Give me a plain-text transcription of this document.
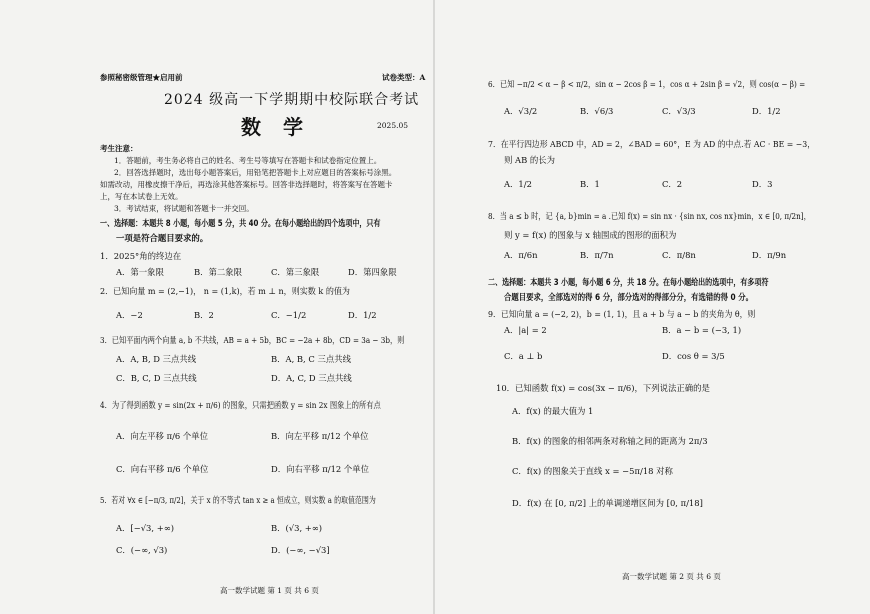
参照秘密级管理★启用前	试卷类型：A
2024 级高一下学期期中校际联合考试
数学	2025.05
考生注意：
1．答题前，考生务必将自己的姓名、考生号等填写在答题卡和试卷指定位置上。
2．回答选择题时，选出每小题答案后，用铅笔把答题卡上对应题目的答案标号涂黑。
如需改动，用橡皮擦干净后，再选涂其他答案标号。回答非选择题时，将答案写在答题卡
上，写在本试卷上无效。
3．考试结束，将试题和答题卡一并交回。
一、选择题：本题共 8 小题，每小题 5 分，共 40 分。在每小题给出的四个选项中，只有
一项是符合题目要求的。
1．2025°角的终边在
A．第一象限	B．第二象限	C．第三象限	D．第四象限
2．已知向量 m = (2,−1)， n = (1,k)，若 m ⊥ n，则实数 k 的值为
A．−2	B．2	C．−1/2	D．1/2
3．已知平面内两个向量 a, b 不共线，AB = a + 5b，BC = −2a + 8b，CD = 3a − 3b，则
A．A, B, D 三点共线	B．A, B, C 三点共线
C．B, C, D 三点共线	D．A, C, D 三点共线
4．为了得到函数 y = sin(2x + π/6) 的图象，只需把函数 y = sin 2x 图象上的所有点
A．向左平移 π/6 个单位	B．向左平移 π/12 个单位
C．向右平移 π/6 个单位	D．向右平移 π/12 个单位
5．若对 ∀x ∈ [−π/3, π/2]，关于 x 的不等式 tan x ≥ a 恒成立，则实数 a 的取值范围为
A．[−√3, +∞)	B．(√3, +∞)
C．(−∞, √3)	D．(−∞, −√3]
高一数学试题 第 1 页 共 6 页
6．已知 −π/2 < α − β < π/2，sin α − 2cos β = 1，cos α + 2sin β = √2，则 cos(α − β) =
A．√3/2	B．√6/3	C．√3/3	D．1/2
7．在平行四边形 ABCD 中，AD = 2，∠BAD = 60°，E 为 AD 的中点.若 AC · BE = −3，
则 AB 的长为
A．1/2	B．1	C．2	D．3
8．当 a ≤ b 时，记 {a, b}min = a .已知 f(x) = sin nx · {sin nx, cos nx}min，x ∈ [0, π/2n]，
则 y = f(x) 的图象与 x 轴围成的图形的面积为
A．π/6n	B．π/7n	C．π/8n	D．π/9n
二、选择题：本题共 3 小题，每小题 6 分，共 18 分。在每小题给出的选项中，有多项符
合题目要求，全部选对的得 6 分，部分选对的得部分分，有选错的得 0 分。
9．已知向量 a = (−2, 2)，b = (1, 1)，且 a + b 与 a − b 的夹角为 θ，则
A．|a| = 2	B．a − b = (−3, 1)
C．a ⊥ b	D．cos θ = 3/5
10．已知函数 f(x) = cos(3x − π/6)，下列说法正确的是
A．f(x) 的最大值为 1
B．f(x) 的图象的相邻两条对称轴之间的距离为 2π/3
C．f(x) 的图象关于直线 x = −5π/18 对称
D．f(x) 在 [0, π/2] 上的单调递增区间为 [0, π/18]
高一数学试题 第 2 页 共 6 页
